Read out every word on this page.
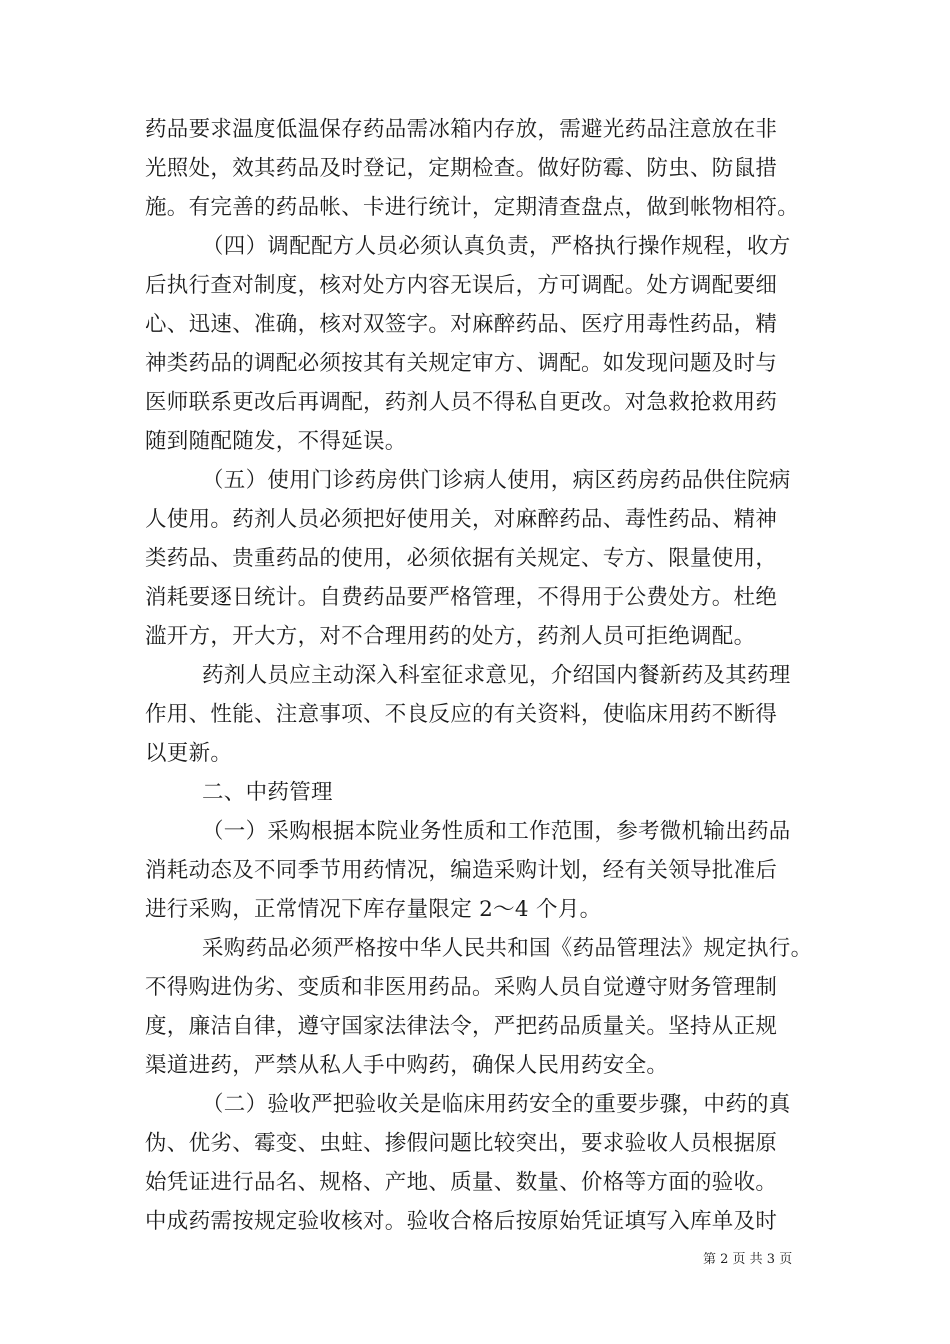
药品要求温度低温保存药品需冰箱内存放，需避光药品注意放在非
光照处，效其药品及时登记，定期检查。做好防霉、防虫、防鼠措
施。有完善的药品帐、卡进行统计，定期清查盘点，做到帐物相符。
（四）调配配方人员必须认真负责，严格执行操作规程，收方
后执行查对制度，核对处方内容无误后，方可调配。处方调配要细
心、迅速、准确，核对双签字。对麻醉药品、医疗用毒性药品，精
神类药品的调配必须按其有关规定审方、调配。如发现问题及时与
医师联系更改后再调配，药剂人员不得私自更改。对急救抢救用药
随到随配随发，不得延误。
（五）使用门诊药房供门诊病人使用，病区药房药品供住院病
人使用。药剂人员必须把好使用关，对麻醉药品、毒性药品、精神
类药品、贵重药品的使用，必须依据有关规定、专方、限量使用，
消耗要逐日统计。自费药品要严格管理，不得用于公费处方。杜绝
滥开方，开大方，对不合理用药的处方，药剂人员可拒绝调配。
药剂人员应主动深入科室征求意见，介绍国内餐新药及其药理
作用、性能、注意事项、不良反应的有关资料，使临床用药不断得
以更新。
二、中药管理
（一）采购根据本院业务性质和工作范围，参考微机输出药品
消耗动态及不同季节用药情况，编造采购计划，经有关领导批准后
进行采购，正常情况下库存量限定 2～4 个月。
采购药品必须严格按中华人民共和国《药品管理法》规定执行。
不得购进伪劣、变质和非医用药品。采购人员自觉遵守财务管理制
度，廉洁自律，遵守国家法律法令，严把药品质量关。坚持从正规
渠道进药，严禁从私人手中购药，确保人民用药安全。
（二）验收严把验收关是临床用药安全的重要步骤，中药的真
伪、优劣、霉变、虫蛀、掺假问题比较突出，要求验收人员根据原
始凭证进行品名、规格、产地、质量、数量、价格等方面的验收。
中成药需按规定验收核对。验收合格后按原始凭证填写入库单及时
第 2 页 共 3 页
